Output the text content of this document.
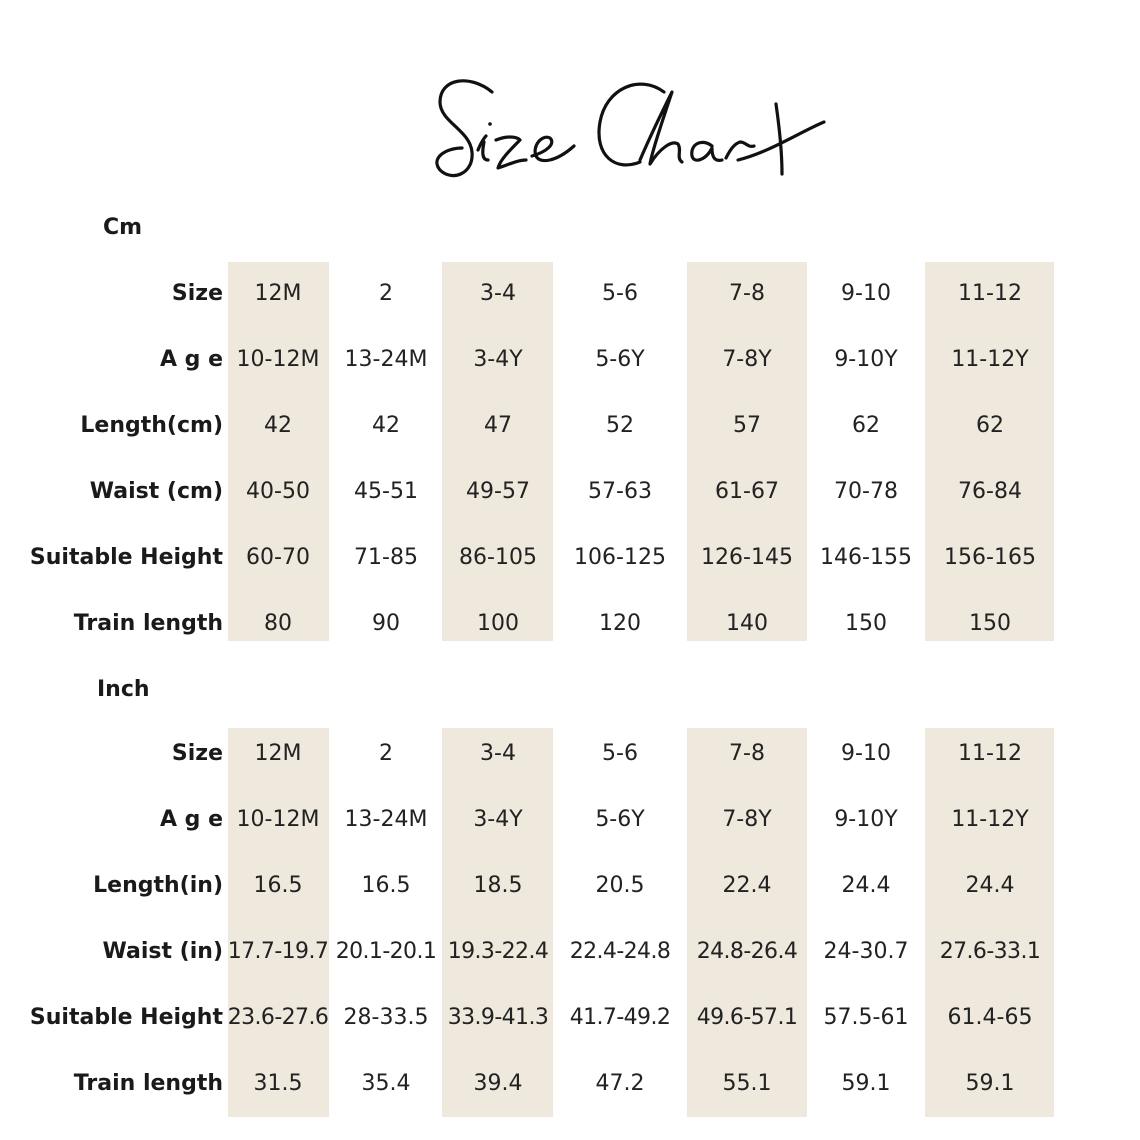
Cm
Inch
Size	12M	2	3-4	5-6	7-8	9-10	11-12
A g e 10-12M	13-24M	3-4Y	5-6Y	7-8Y	9-10Y	11-12Y
Length(cm)	42	42	47	52	57	62	62
Waist (cm)	40-50	45-51	49-57	57-63	61-67	70-78	76-84
Suitable Height	60-70	71-85	86-105	106-125	126-145	146-155	156-165
Train length	80	90	100	120	140	150	150
Size	12M	2	3-4	5-6	7-8	9-10	11-12
A g e 10-12M	13-24M	3-4Y	5-6Y	7-8Y	9-10Y	11-12Y
Length(in)	16.5	16.5	18.5	20.5	22.4	24.4	24.4
Waist (in) 17.7-19.7 20.1-20.1 19.3-22.4 22.4-24.8	24.8-26.4	24-30.7	27.6-33.1
Suitable Height 23.6-27.6 28-33.5 33.9-41.3 41.7-49.2	49.6-57.1	57.5-61	61.4-65
Train length	31.5	35.4	39.4	47.2	55.1	59.1	59.1
